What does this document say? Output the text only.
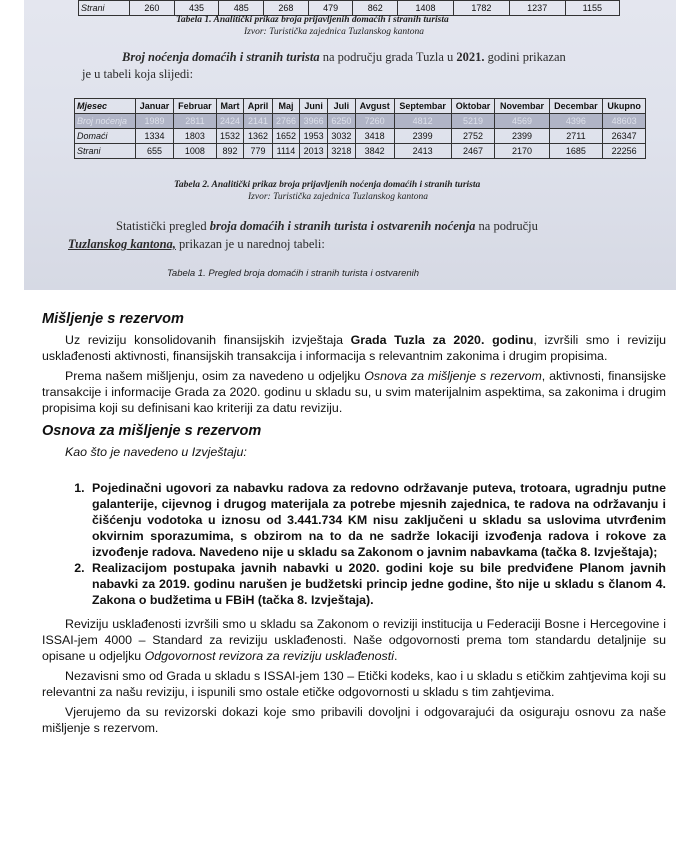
Strani	260	435	485	268	479	862	1408	1782	1237	1155
Tabela 1. Analitički prikaz broja prijavljenih domaćih i stranih turista
Izvor: Turistička zajednica Tuzlanskog kantona
Broj noćenja domaćih i stranih turista na području grada Tuzla u 2021. godini prikazan
je u tabeli koja slijedi:
Mjesec	Januar	Februar	Mart	April	Maj	Juni	Juli	Avgust	Septembar	Oktobar	Novembar	Decembar	Ukupno
Broj noćenja	1989	2811	2424	2141	2766	3966	6250	7260	4812	5219	4569	4396	48603
Domaći	1334	1803	1532	1362	1652	1953	3032	3418	2399	2752	2399	2711	26347
Strani	655	1008	892	779	1114	2013	3218	3842	2413	2467	2170	1685	22256
Tabela 2. Analitički prikaz broja prijavljenih noćenja domaćih i stranih turista
Izvor: Turistička zajednica Tuzlanskog kantona
Statistički pregled broja domaćih i stranih turista i ostvarenih noćenja na području
Tuzlanskog kantona, prikazan je u narednoj tabeli:
Tabela 1. Pregled broja domaćih i stranih turista i ostvarenih
Mišljenje s rezervom

Uz reviziju konsolidovanih finansijskih izvještaja Grada Tuzla za 2020. godinu, izvršili smo i reviziju usklađenosti aktivnosti, finansijskih transakcija i informacija s relevantnim zakonima i drugim propisima.

Prema našem mišljenju, osim za navedeno u odjeljku Osnova za mišljenje s rezervom, aktivnosti, finansijske transakcije i informacije Grada za 2020. godinu u skladu su, u svim materijalnim aspektima, sa zakonima i drugim propisima koji su definisani kao kriteriji za datu reviziju.

Osnova za mišljenje s rezervom

Kao što je navedeno u Izvještaju:

1. Pojedinačni ugovori za nabavku radova za redovno održavanje puteva, trotoara, ugradnju putne galanterije, cijevnog i drugog materijala za potrebe mjesnih zajednica, te radova na održavanju i čišćenju vodotoka u iznosu od 3.441.734 KM nisu zaključeni u skladu sa uslovima utvrđenim okvirnim sporazumima, s obzirom na to da ne sadrže lokaciji izvođenja radova i rokove za izvođenje radova. Navedeno nije u skladu sa Zakonom o javnim nabavkama (tačka 8. Izvještaja);
2. Realizacijom postupaka javnih nabavki u 2020. godini koje su bile predviđene Planom javnih nabavki za 2019. godinu narušen je budžetski princip jedne godine, što nije u skladu s članom 4. Zakona o budžetima u FBiH (tačka 8. Izvještaja).

Reviziju usklađenosti izvršili smo u skladu sa Zakonom o reviziji institucija u Federaciji Bosne i Hercegovine i ISSAI-jem 4000 – Standard za reviziju usklađenosti. Naše odgovornosti prema tom standardu detaljnije su opisane u odjeljku Odgovornost revizora za reviziju usklađenosti.

Nezavisni smo od Grada u skladu s ISSAI-jem 130 – Etički kodeks, kao i u skladu s etičkim zahtjevima koji su relevantni za našu reviziju, i ispunili smo ostale etičke odgovornosti u skladu s tim zahtjevima.

Vjerujemo da su revizorski dokazi koje smo pribavili dovoljni i odgovarajući da osiguraju osnovu za naše mišljenje s rezervom.
